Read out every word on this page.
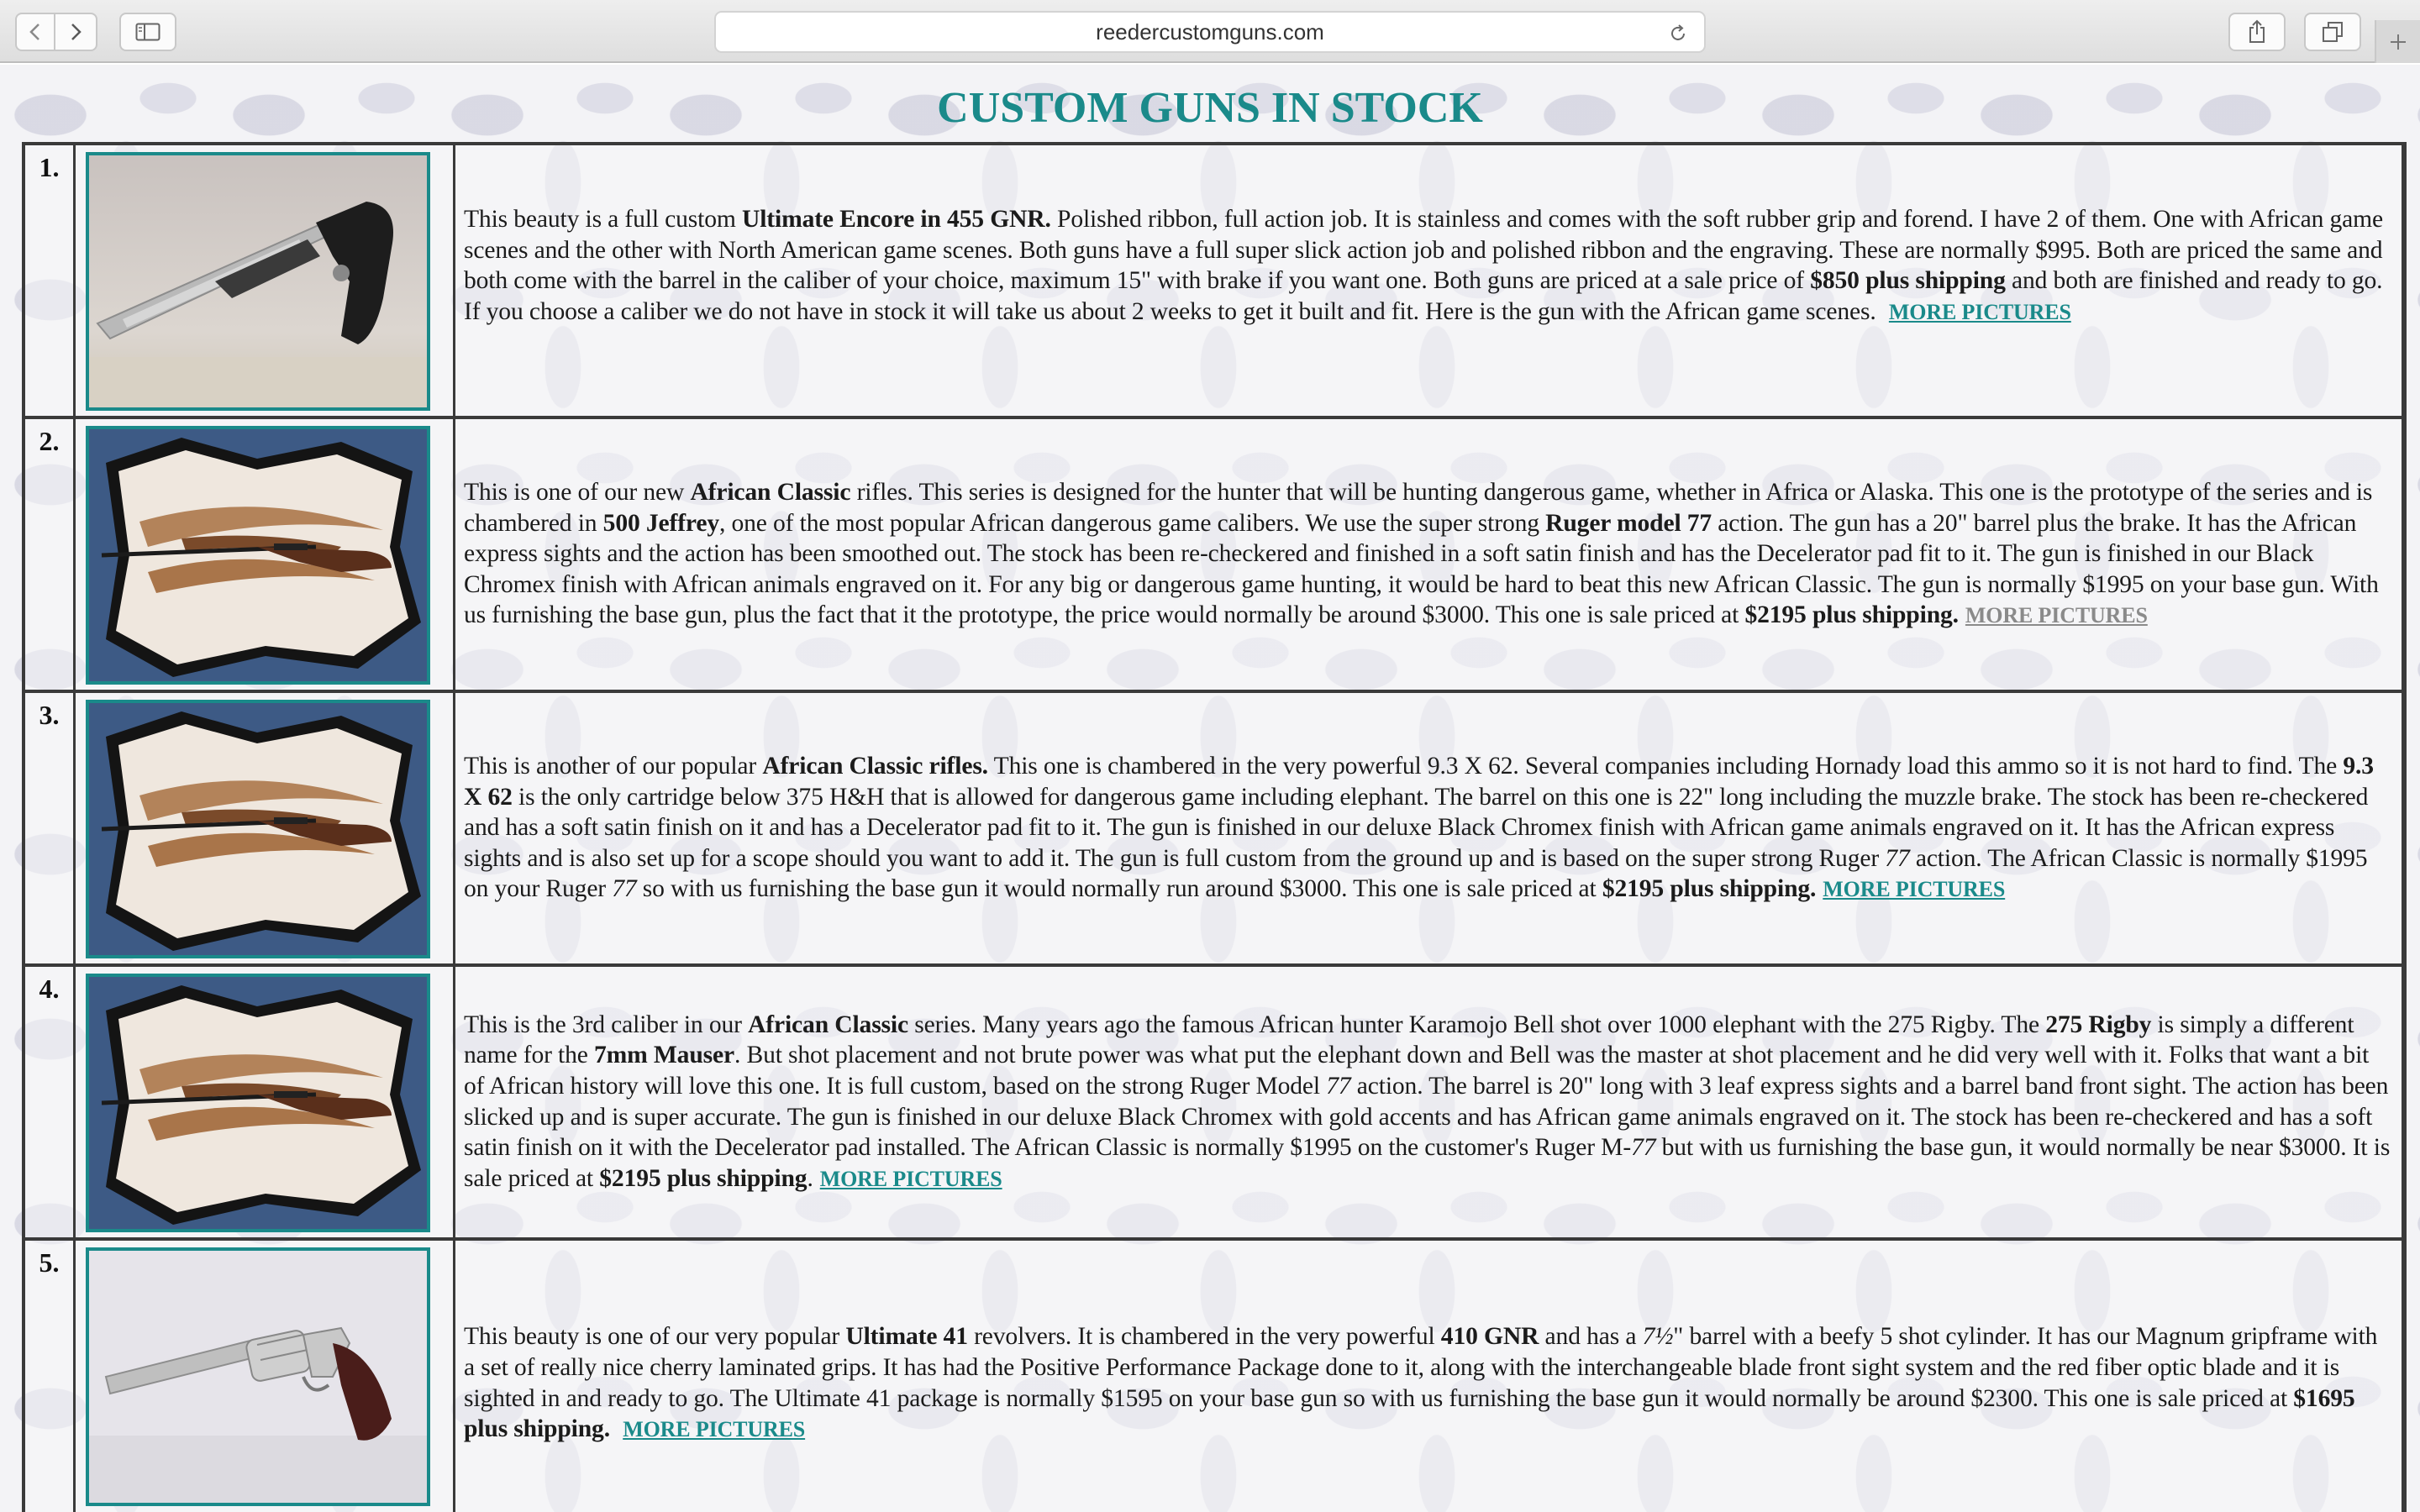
reedercustomguns.com
CUSTOM GUNS IN STOCK
1.

This beauty is a full custom Ultimate Encore in 455 GNR. Polished ribbon, full action job. It is stainless and comes with the soft rubber grip and forend. I have 2 of them. One with African game scenes and the other with North American game scenes. Both guns have a full super slick action job and polished ribbon and the engraving. These are normally $995. Both are priced the same and both come with the barrel in the caliber of your choice, maximum 15" with brake if you want one. Both guns are priced at a sale price of $850 plus shipping and both are finished and ready to go. If you choose a caliber we do not have in stock it will take us about 2 weeks to get it built and fit. Here is the gun with the African game scenes. MORE PICTURES

2.

This is one of our new African Classic rifles. This series is designed for the hunter that will be hunting dangerous game, whether in Africa or Alaska. This one is the prototype of the series and is chambered in 500 Jeffrey, one of the most popular African dangerous game calibers. We use the super strong Ruger model 77 action. The gun has a 20" barrel plus the brake. It has the African express sights and the action has been smoothed out. The stock has been re-checkered and finished in a soft satin finish and has the Decelerator pad fit to it. The gun is finished in our Black Chromex finish with African animals engraved on it. For any big or dangerous game hunting, it would be hard to beat this new African Classic. The gun is normally $1995 on your base gun. With us furnishing the base gun, plus the fact that it the prototype, the price would normally be around $3000. This one is sale priced at $2195 plus shipping. MORE PICTURES

3.

This is another of our popular African Classic rifles. This one is chambered in the very powerful 9.3 X 62. Several companies including Hornady load this ammo so it is not hard to find. The 9.3 X 62 is the only cartridge below 375 H&H that is allowed for dangerous game including elephant. The barrel on this one is 22" long including the muzzle brake. The stock has been re-checkered and has a soft satin finish on it and has a Decelerator pad fit to it. The gun is finished in our deluxe Black Chromex finish with African game animals engraved on it. It has the African express sights and is also set up for a scope should you want to add it. The gun is full custom from the ground up and is based on the super strong Ruger 77 action. The African Classic is normally $1995 on your Ruger 77 so with us furnishing the base gun it would normally run around $3000. This one is sale priced at $2195 plus shipping. MORE PICTURES

4.

This is the 3rd caliber in our African Classic series. Many years ago the famous African hunter Karamojo Bell shot over 1000 elephant with the 275 Rigby. The 275 Rigby is simply a different name for the 7mm Mauser. But shot placement and not brute power was what put the elephant down and Bell was the master at shot placement and he did very well with it. Folks that want a bit of African history will love this one. It is full custom, based on the strong Ruger Model 77 action. The barrel is 20" long with 3 leaf express sights and a barrel band front sight. The action has been slicked up and is super accurate. The gun is finished in our deluxe Black Chromex with gold accents and has African game animals engraved on it. The stock has been re-checkered and has a soft satin finish on it with the Decelerator pad installed. The African Classic is normally $1995 on the customer's Ruger M-77 but with us furnishing the base gun, it would normally be near $3000. It is sale priced at $2195 plus shipping. MORE PICTURES

5.

This beauty is one of our very popular Ultimate 41 revolvers. It is chambered in the very powerful 410 GNR and has a 7½" barrel with a beefy 5 shot cylinder. It has our Magnum gripframe with a set of really nice cherry laminated grips. It has had the Positive Performance Package done to it, along with the interchangeable blade front sight system and the red fiber optic blade and it is sighted in and ready to go. The Ultimate 41 package is normally $1595 on your base gun so with us furnishing the base gun it would normally be around $2300. This one is sale priced at $1695 plus shipping. MORE PICTURES
